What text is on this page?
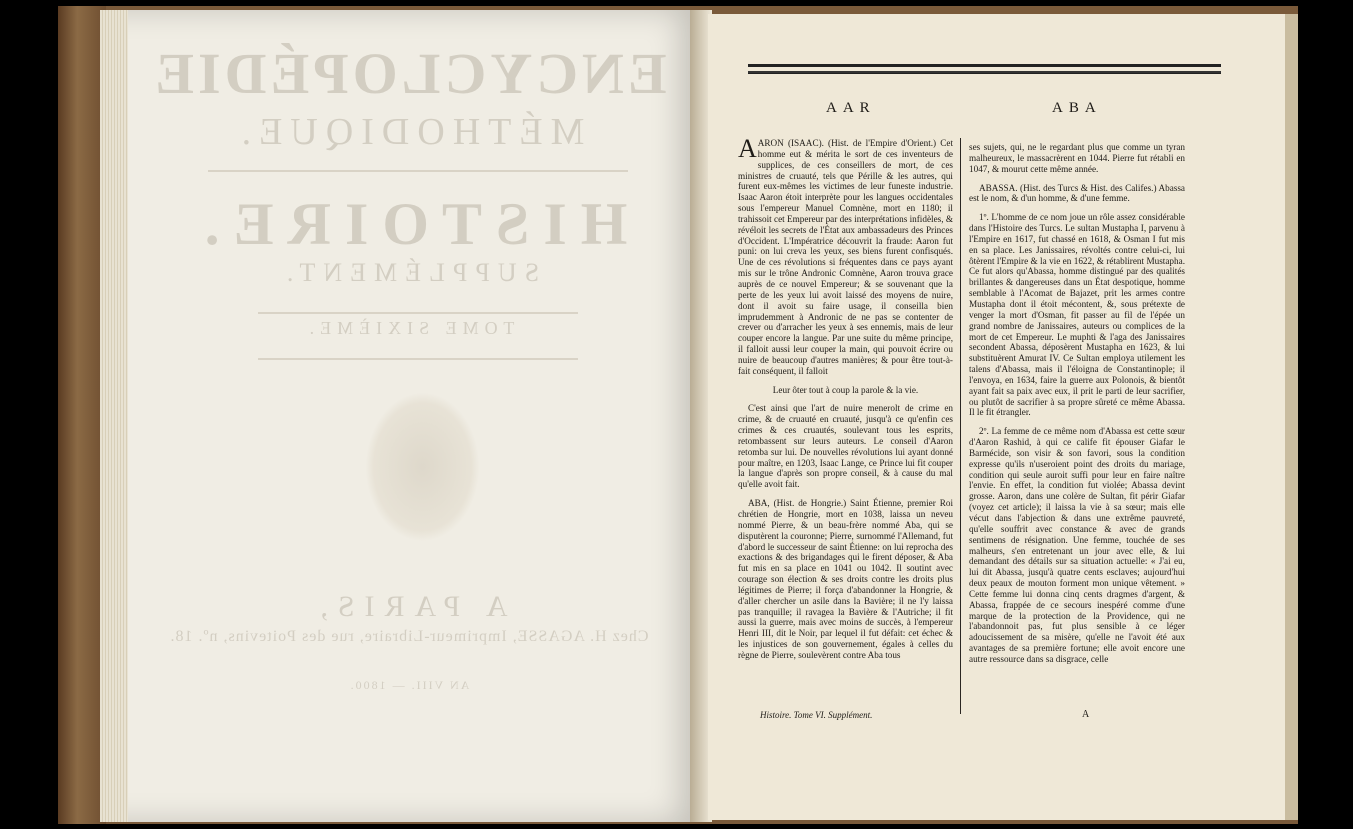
ENCYCLOPÉDIE
MÉTHODIQUE.
HISTOIRE.
SUPPLÉMENT.
TOME SIXIÈME.
A PARIS,
Chez H. AGASSE, Imprimeur-Libraire, rue des Poitevins, nº. 18.
AN VIII. — 1800.
AAR	ABA

AARON (ISAAC). (Hist. de l'Empire d'Orient.) Cet homme eut & mérita le sort de ces inventeurs de supplices, de ces conseillers de mort, de ces ministres de cruauté, tels que Pérille & les autres, qui furent eux-mêmes les victimes de leur funeste industrie. Isaac Aaron étoit interprète pour les langues occidentales sous l'empereur Manuel Comnène, mort en 1180; il trahissoit cet Empereur par des interprétations infidèles, & révéloit les secrets de l'État aux ambassadeurs des Princes d'Occident. L'Impératrice découvrit la fraude: Aaron fut puni: on lui creva les yeux, ses biens furent confisqués. Une de ces révolutions si fréquentes dans ce pays ayant mis sur le trône Andronic Comnène, Aaron trouva grace auprès de ce nouvel Empereur; & se souvenant que la perte de les yeux lui avoit laissé des moyens de nuire, dont il avoit su faire usage, il conseilla bien imprudemment à Andronic de ne pas se contenter de crever ou d'arracher les yeux à ses ennemis, mais de leur couper encore la langue. Par une suite du même principe, il falloit aussi leur couper la main, qui pouvoit écrire ou nuire de beaucoup d'autres manières; & pour être tout-à-fait conséquent, il falloit

Leur ôter tout à coup la parole & la vie.

C'est ainsi que l'art de nuire menerolt de crime en crime, & de cruauté en cruauté, jusqu'à ce qu'enfin ces crimes & ces cruautés, soulevant tous les esprits, retombassent sur leurs auteurs. Le conseil d'Aaron retomba sur lui. De nouvelles révolutions lui ayant donné pour maître, en 1203, Isaac Lange, ce Prince lui fit couper la langue d'après son propre conseil, & à cause du mal qu'elle avoit fait.

ABA, (Hist. de Hongrie.) Saint Étienne, premier Roi chrétien de Hongrie, mort en 1038, laissa un neveu nommé Pierre, & un beau-frère nommé Aba, qui se disputèrent la couronne; Pierre, surnommé l'Allemand, fut d'abord le successeur de saint Étienne: on lui reprocha des exactions & des brigandages qui le firent déposer, & Aba fut mis en sa place en 1041 ou 1042. Il soutint avec courage son élection & ses droits contre les droits plus légitimes de Pierre; il força d'abandonner la Hongrie, & d'aller chercher un asile dans la Bavière; il ne l'y laissa pas tranquille; il ravagea la Bavière & l'Autriche; il fit aussi la guerre, mais avec moins de succès, à l'empereur Henri III, dit le Noir, par lequel il fut défait: cet échec & les injustices de son gouvernement, égales à celles du règne de Pierre, soulevèrent contre Aba tous

ses sujets, qui, ne le regardant plus que comme un tyran malheureux, le massacrèrent en 1044. Pierre fut rétabli en 1047, & mourut cette même année.

ABASSA. (Hist. des Turcs & Hist. des Califes.) Abassa est le nom, & d'un homme, & d'une femme.

1º. L'homme de ce nom joue un rôle assez considérable dans l'Histoire des Turcs. Le sultan Mustapha I, parvenu à l'Empire en 1617, fut chassé en 1618, & Osman I fut mis en sa place. Les Janissaires, révoltés contre celui-ci, lui ôtèrent l'Empire & la vie en 1622, & rétablirent Mustapha. Ce fut alors qu'Abassa, homme distingué par des qualités brillantes & dangereuses dans un État despotique, homme semblable à l'Acomat de Bajazet, prit les armes contre Mustapha dont il étoit mécontent, &, sous prétexte de venger la mort d'Osman, fit passer au fil de l'épée un grand nombre de Janissaires, auteurs ou complices de la mort de cet Empereur. Le muphti & l'aga des Janissaires secondent Abassa, déposèrent Mustapha en 1623, & lui substituèrent Amurat IV. Ce Sultan employa utilement les talens d'Abassa, mais il l'éloigna de Constantinople; il l'envoya, en 1634, faire la guerre aux Polonois, & bientôt ayant fait sa paix avec eux, il prit le parti de leur sacrifier, ou plutôt de sacrifier à sa propre sûreté ce même Abassa. Il le fit étrangler.

2º. La femme de ce même nom d'Abassa est cette sœur d'Aaron Rashid, à qui ce calife fit épouser Giafar le Barmécide, son visir & son favori, sous la condition expresse qu'ils n'useroient point des droits du mariage, condition qui seule auroit suffi pour leur en faire naître l'envie. En effet, la condition fut violée; Abassa devint grosse. Aaron, dans une colère de Sultan, fit périr Giafar (voyez cet article); il laissa la vie à sa sœur; mais elle vécut dans l'abjection & dans une extrême pauvreté, qu'elle souffrit avec constance & avec de grands sentimens de résignation. Une femme, touchée de ses malheurs, s'en entretenant un jour avec elle, & lui demandant des détails sur sa situation actuelle: « J'ai eu, lui dit Abassa, jusqu'à quatre cents esclaves; aujourd'hui deux peaux de mouton forment mon unique vêtement. » Cette femme lui donna cinq cents dragmes d'argent, & Abassa, frappée de ce secours inespéré comme d'une marque de la protection de la Providence, qui ne l'abandonnoit pas, fut plus sensible à ce léger adoucissement de sa misère, qu'elle ne l'avoit été aux avantages de sa première fortune; elle avoit encore une autre ressource dans sa disgrace, celle

Histoire. Tome VI. Supplément.	A
